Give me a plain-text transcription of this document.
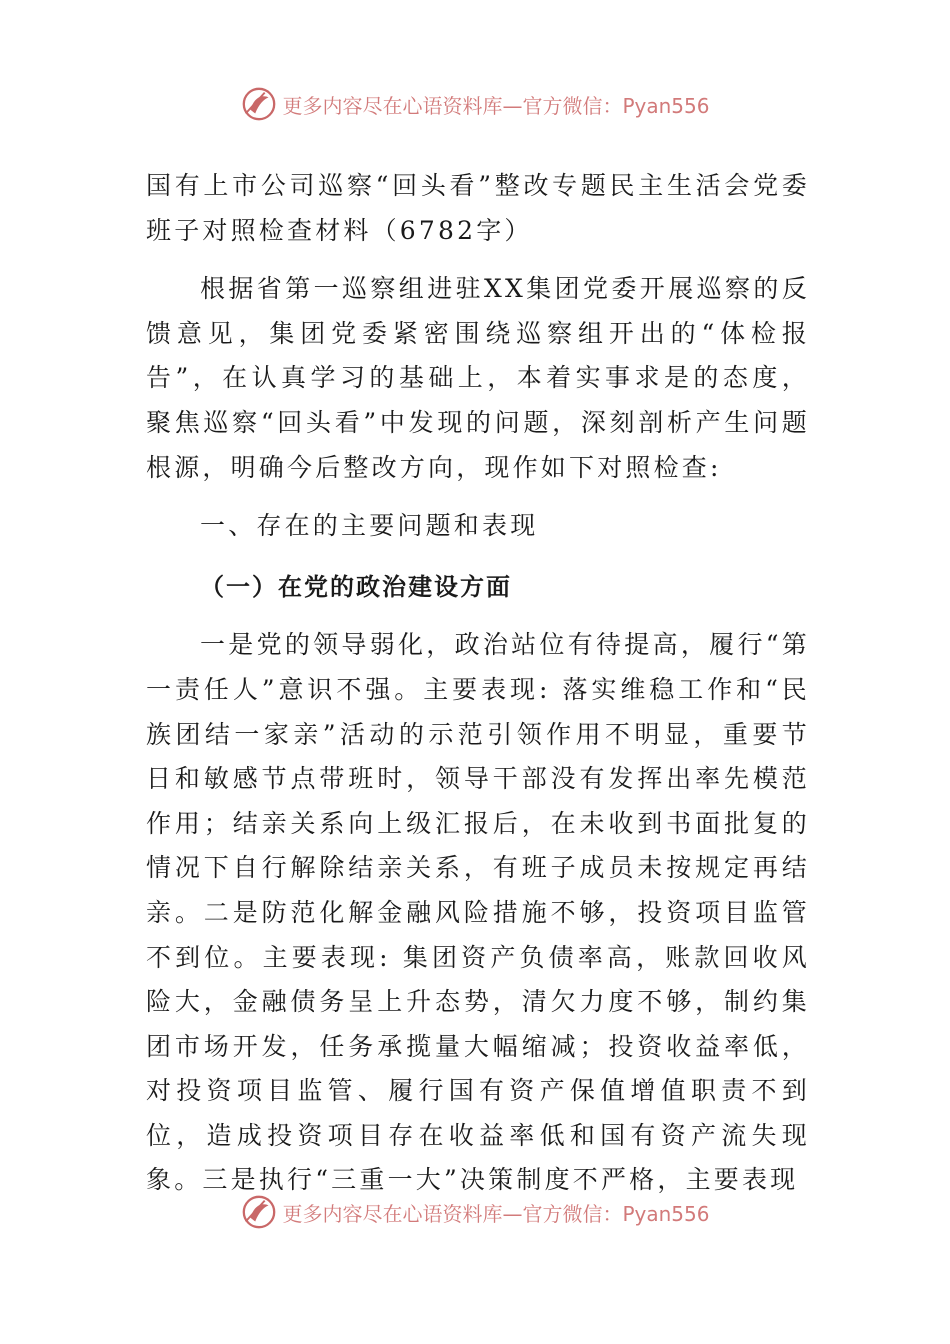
更多内容尽在心语资料库—官方微信：Pyan556

国有上市公司巡察“回头看”整改专题民主生活会党委班子对照检查材料（6782字）

根据省第一巡察组进驻XX集团党委开展巡察的反馈意见，集团党委紧密围绕巡察组开出的“体检报告”，在认真学习的基础上，本着实事求是的态度，聚焦巡察“回头看”中发现的问题，深刻剖析产生问题根源，明确今后整改方向，现作如下对照检查:

一、存在的主要问题和表现

（一）在党的政治建设方面

一是党的领导弱化，政治站位有待提高，履行“第一责任人”意识不强。主要表现: 落实维稳工作和“民族团结一家亲”活动的示范引领作用不明显，重要节日和敏感节点带班时，领导干部没有发挥出率先模范作用；结亲关系向上级汇报后，在未收到书面批复的情况下自行解除结亲关系，有班子成员未按规定再结亲。二是防范化解金融风险措施不够，投资项目监管不到位。主要表现: 集团资产负债率高，账款回收风险大，金融债务呈上升态势，清欠力度不够，制约集团市场开发，任务承揽量大幅缩减；投资收益率低，对投资项目监管、履行国有资产保值增值职责不到位，造成投资项目存在收益率低和国有资产流失现象。三是执行“三重一大”决策制度不严格，主要表现

更多内容尽在心语资料库—官方微信：Pyan556
